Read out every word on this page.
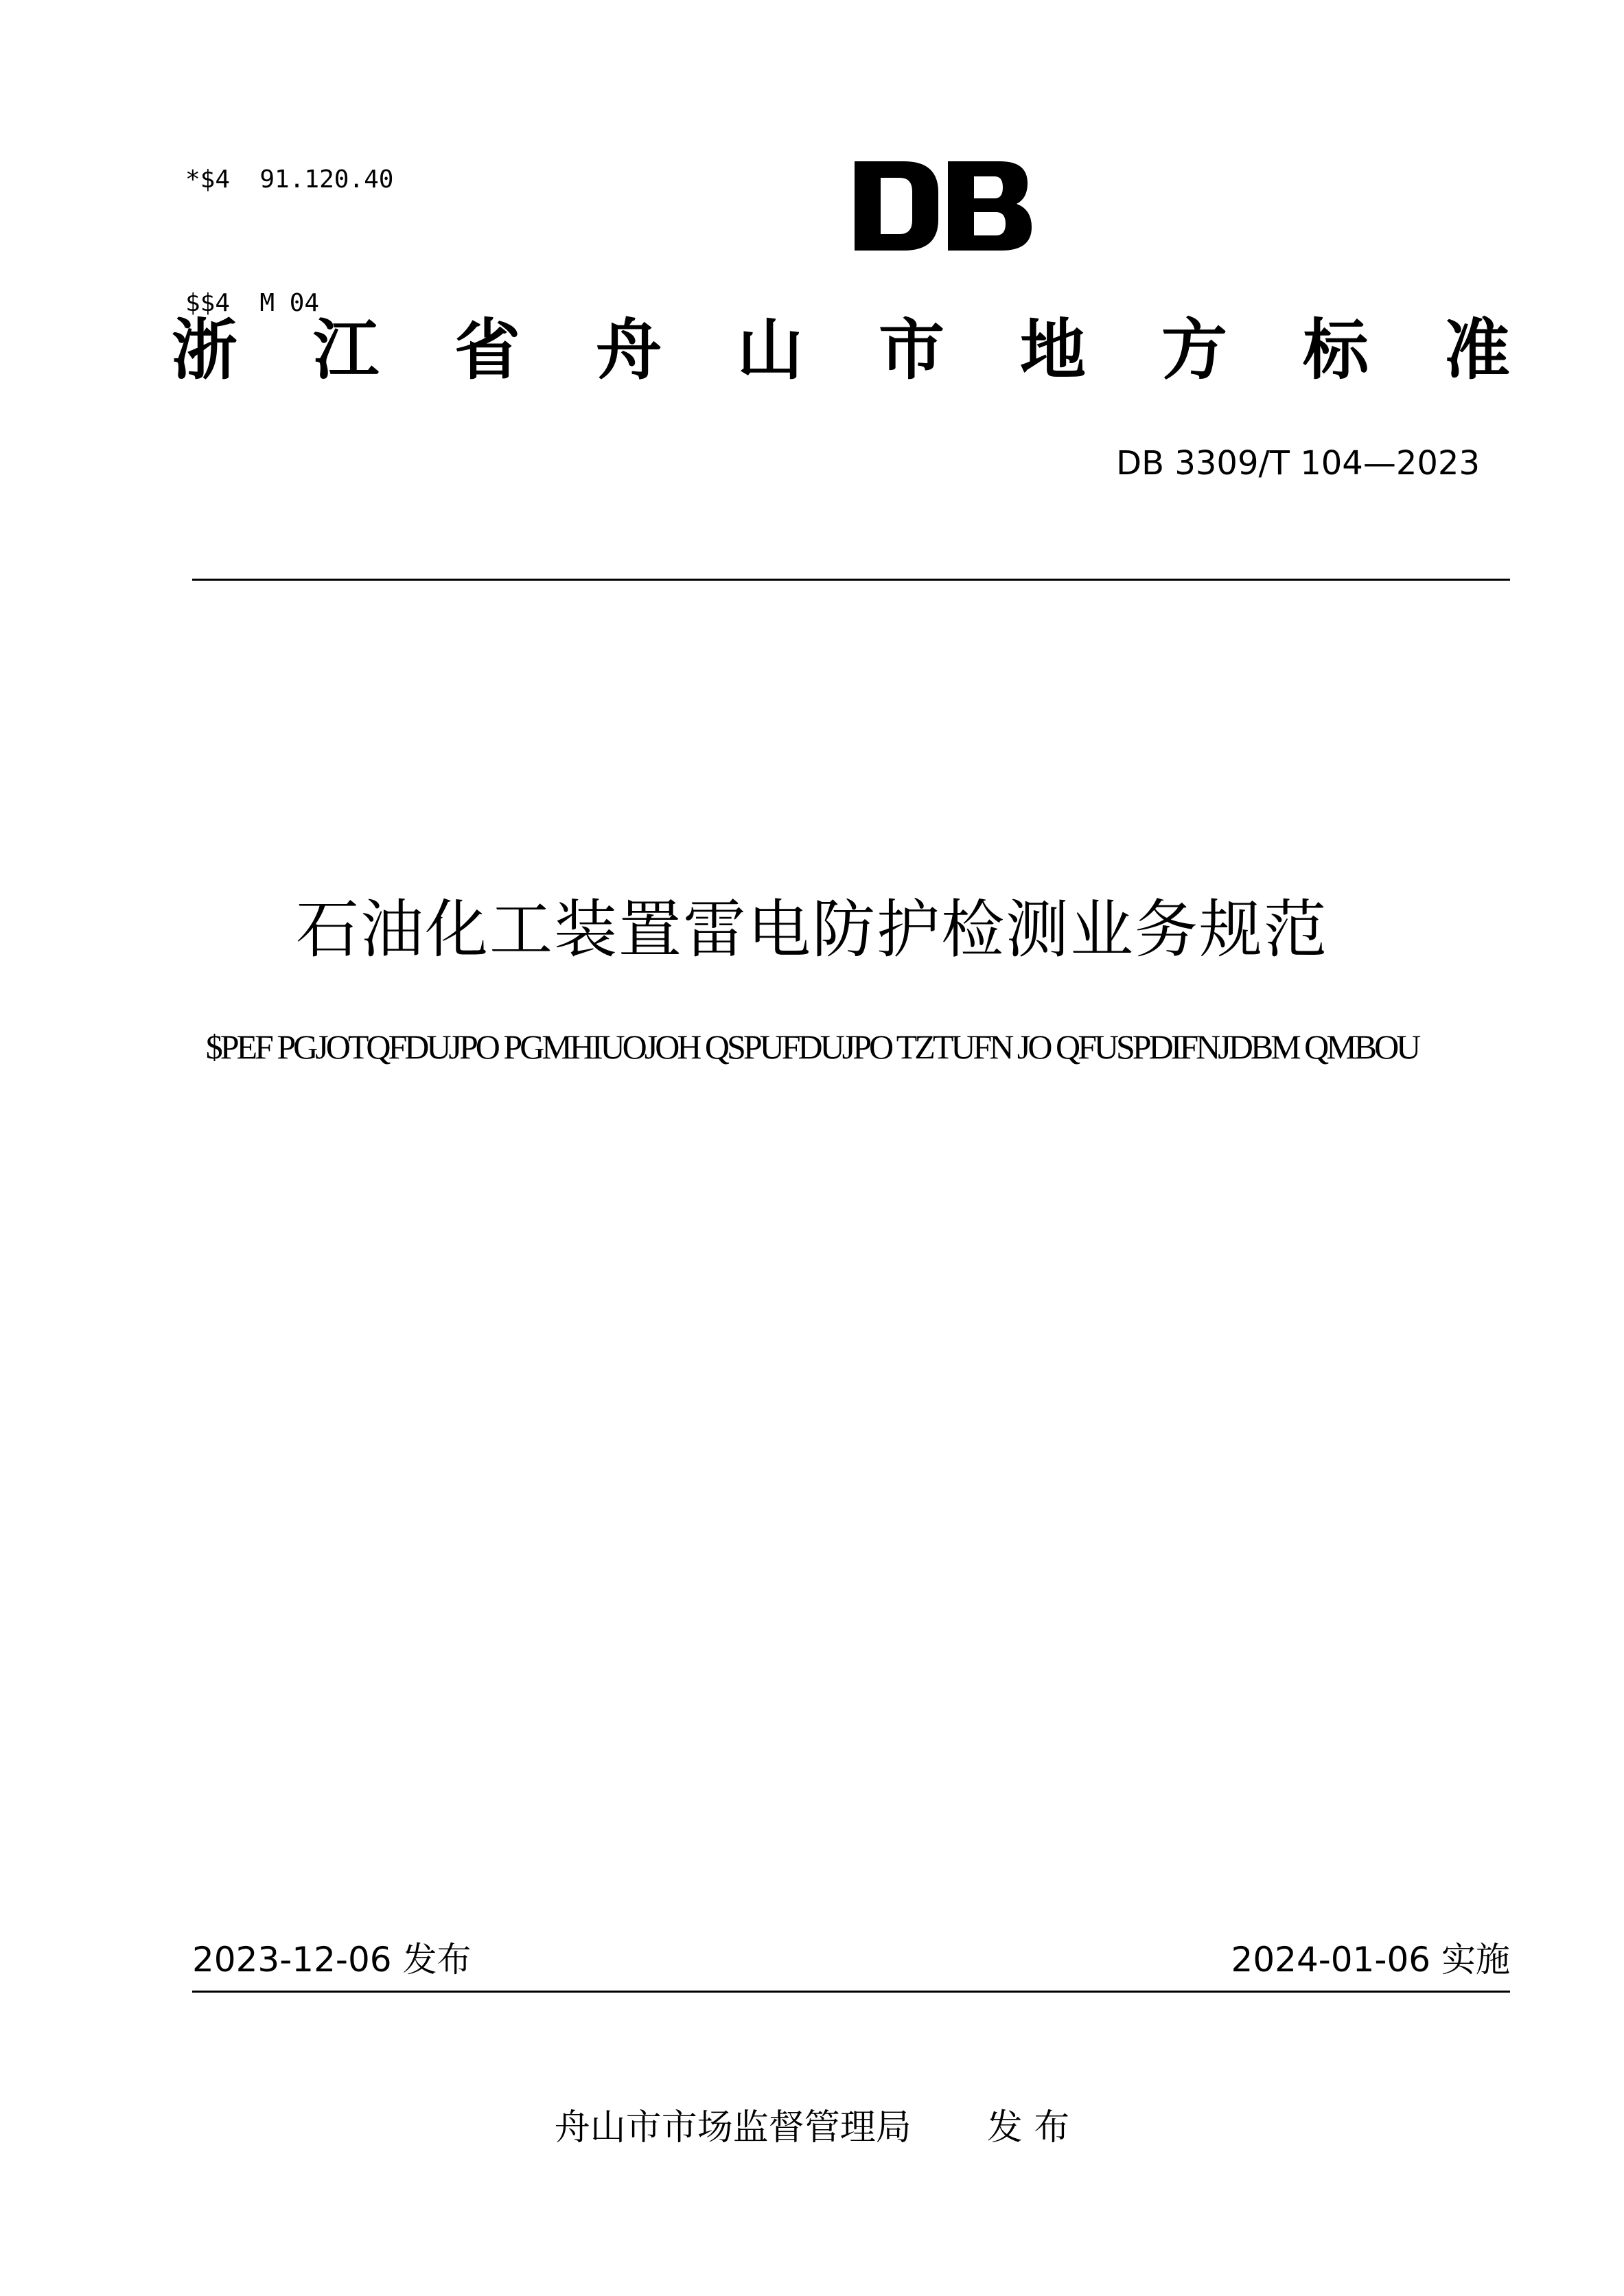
*$4  91.120.40

$$4  M 04

浙 江 省 舟 山 市 地 方 标 准
DB 3309/T 104—2023
石油化工装置雷电防护检测业务规范
$PEF PGJOTQFDUJPO PGMHIUOJOH QSPUFDUJPO TZTUFN JO QFUSPDIFNJDBM QMBOU
2023-12-06 发布	2024-01-06 实施
舟山市市场监督管理局 发 布
